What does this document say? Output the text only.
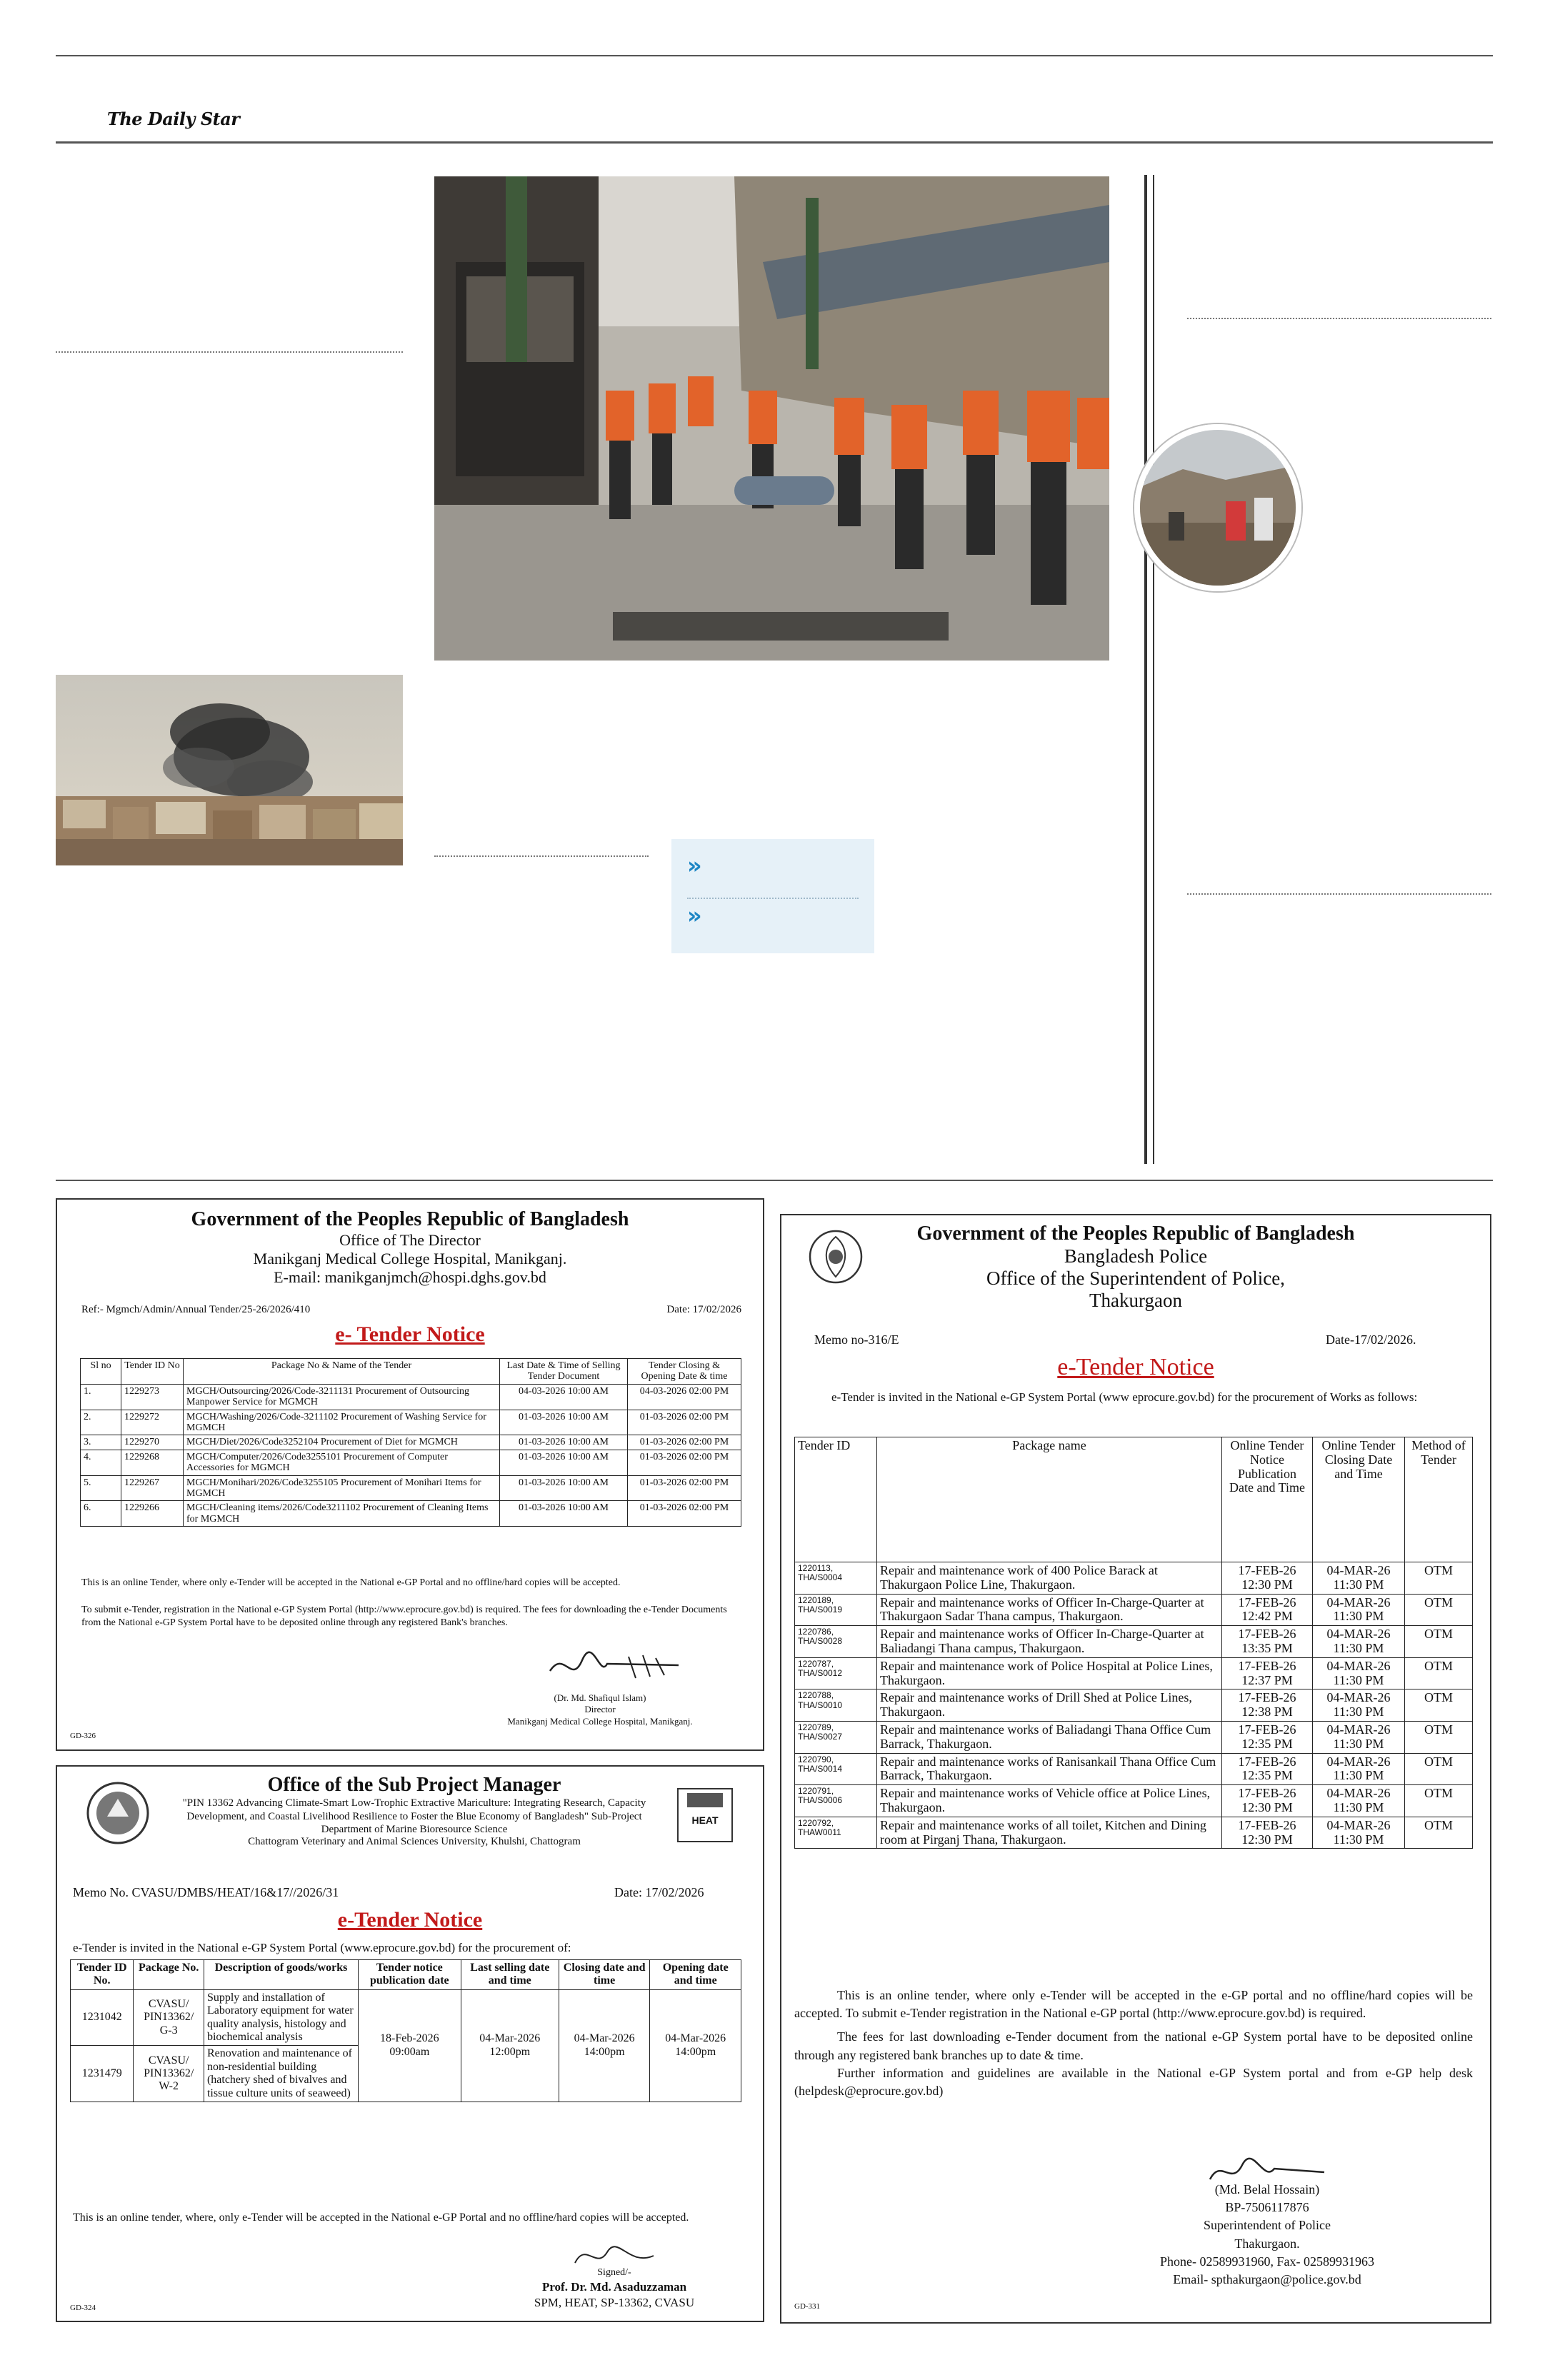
The Daily Star
»
»
Government of the Peoples Republic of Bangladesh
Office of The Director
Manikganj Medical College Hospital, Manikganj.
E-mail: manikganjmch@hospi.dghs.gov.bd
Ref:- Mgmch/Admin/Annual Tender/25-26/2026/410	Date: 17/02/2026
e- Tender Notice
Sl no	Tender ID No	Package No & Name of the Tender	Last Date & Time of Selling Tender Document	Tender Closing & Opening Date & time
1.	1229273	MGCH/Outsourcing/2026/Code-3211131 Procurement of Outsourcing Manpower Service for MGMCH	04-03-2026 10:00 AM	04-03-2026 02:00 PM
2.	1229272	MGCH/Washing/2026/Code-3211102 Procurement of Washing Service for MGMCH	01-03-2026 10:00 AM	01-03-2026 02:00 PM
3.	1229270	MGCH/Diet/2026/Code3252104 Procurement of Diet for MGMCH	01-03-2026 10:00 AM	01-03-2026 02:00 PM
4.	1229268	MGCH/Computer/2026/Code3255101 Procurement of Computer Accessories for MGMCH	01-03-2026 10:00 AM	01-03-2026 02:00 PM
5.	1229267	MGCH/Monihari/2026/Code3255105 Procurement of Monihari Items for MGMCH	01-03-2026 10:00 AM	01-03-2026 02:00 PM
6.	1229266	MGCH/Cleaning items/2026/Code3211102 Procurement of Cleaning Items for MGMCH	01-03-2026 10:00 AM	01-03-2026 02:00 PM
This is an online Tender, where only e-Tender will be accepted in the National e-GP Portal and no offline/hard copies will be accepted.
To submit e-Tender, registration in the National e-GP System Portal (http://www.eprocure.gov.bd) is required. The fees for downloading the e-Tender Documents from the National e-GP System Portal have to be deposited online through any registered Bank's branches.
(Dr. Md. Shafiqul Islam)
Director
Manikganj Medical College Hospital, Manikganj.
GD-326
HEAT
Office of the Sub Project Manager
"PIN 13362 Advancing Climate-Smart Low-Trophic Extractive Mariculture: Integrating Research, Capacity Development, and Coastal Livelihood Resilience to Foster the Blue Economy of Bangladesh" Sub-Project
Department of Marine Bioresource Science
Chattogram Veterinary and Animal Sciences University, Khulshi, Chattogram
Memo No. CVASU/DMBS/HEAT/16&17//2026/31	Date: 17/02/2026
e-Tender Notice
e-Tender is invited in the National e-GP System Portal (www.eprocure.gov.bd) for the procurement of:
Tender ID No.	Package No.	Description of goods/works	Tender notice publication date	Last selling date and time	Closing date and time	Opening date and time
1231042	CVASU/ PIN13362/ G-3	Supply and installation of Laboratory equipment for water quality analysis, histology and biochemical analysis	18-Feb-2026 09:00am	04-Mar-2026 12:00pm	04-Mar-2026 14:00pm	04-Mar-2026 14:00pm
1231479	CVASU/ PIN13362/ W-2	Renovation and maintenance of non-residential building (hatchery shed of bivalves and tissue culture units of seaweed)				
This is an online tender, where, only e-Tender will be accepted in the National e-GP Portal and no offline/hard copies will be accepted.
Signed/-
Prof. Dr. Md. Asaduzzaman
SPM, HEAT, SP-13362, CVASU
GD-324
Government of the Peoples Republic of Bangladesh
Bangladesh Police
Office of the Superintendent of Police,
Thakurgaon
Memo no-316/E	Date-17/02/2026.
e-Tender Notice
e-Tender is invited in the National e-GP System Portal (www eprocure.gov.bd) for the procurement of Works as follows:
Tender ID	Package name	Online Tender Notice Publication Date and Time	Online Tender Closing Date and Time	Method of Tender
1220113, THA/S0004	Repair and maintenance work of 400 Police Barack at Thakurgaon Police Line, Thakurgaon.	17-FEB-26 12:30 PM	04-MAR-26 11:30 PM	OTM
1220189, THA/S0019	Repair and maintenance works of Officer In-Charge-Quarter at Thakurgaon Sadar Thana campus, Thakurgaon.	17-FEB-26 12:42 PM	04-MAR-26 11:30 PM	OTM
1220786, THA/S0028	Repair and maintenance works of Officer In-Charge-Quarter at Baliadangi Thana campus, Thakurgaon.	17-FEB-26 13:35 PM	04-MAR-26 11:30 PM	OTM
1220787, THA/S0012	Repair and maintenance work of Police Hospital at Police Lines, Thakurgaon.	17-FEB-26 12:37 PM	04-MAR-26 11:30 PM	OTM
1220788, THA/S0010	Repair and maintenance works of Drill Shed at Police Lines, Thakurgaon.	17-FEB-26 12:38 PM	04-MAR-26 11:30 PM	OTM
1220789, THA/S0027	Repair and maintenance works of Baliadangi Thana Office Cum Barrack, Thakurgaon.	17-FEB-26 12:35 PM	04-MAR-26 11:30 PM	OTM
1220790, THA/S0014	Repair and maintenance works of Ranisankail Thana Office Cum Barrack, Thakurgaon.	17-FEB-26 12:35 PM	04-MAR-26 11:30 PM	OTM
1220791, THA/S0006	Repair and maintenance works of Vehicle office at Police Lines, Thakurgaon.	17-FEB-26 12:30 PM	04-MAR-26 11:30 PM	OTM
1220792, THAW0011	Repair and maintenance works of all toilet, Kitchen and Dining room at Pirganj Thana, Thakurgaon.	17-FEB-26 12:30 PM	04-MAR-26 11:30 PM	OTM
This is an online tender, where only e-Tender will be accepted in the e-GP portal and no offline/hard copies will be accepted. To submit e-Tender registration in the National e-GP portal (http://www.eprocure.gov.bd) is required.
The fees for last downloading e-Tender document from the national e-GP System portal have to be deposited online through any registered bank branches up to date & time.
Further information and guidelines are available in the National e-GP System portal and from e-GP help desk (helpdesk@eprocure.gov.bd)
(Md. Belal Hossain)
BP-7506117876
Superintendent of Police
Thakurgaon.
Phone- 02589931960, Fax- 02589931963
Email- spthakurgaon@police.gov.bd
GD-331
